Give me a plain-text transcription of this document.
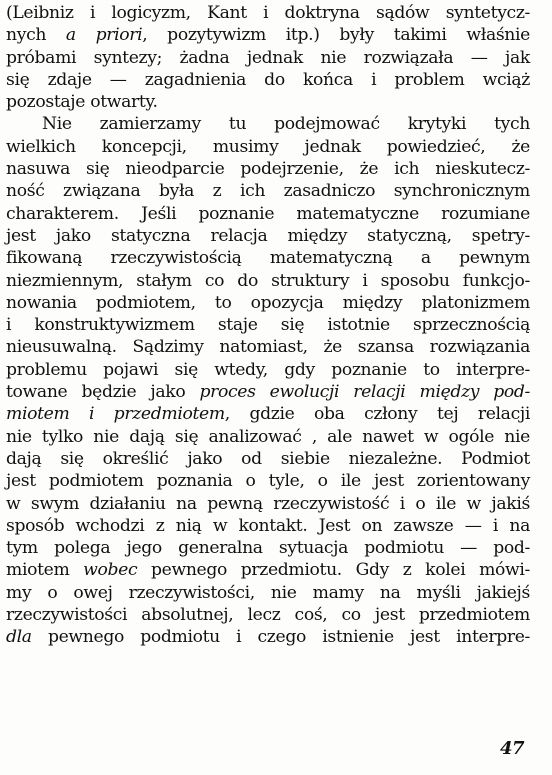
(Leibniz i logicyzm, Kant i doktryna sądów syntetycz-
nych a priori, pozytywizm itp.) były takimi właśnie
próbami syntezy; żadna jednak nie rozwiązała — jak
się zdaje — zagadnienia do końca i problem wciąż
pozostaje otwarty.
Nie zamierzamy tu podejmować krytyki tych
wielkich koncepcji, musimy jednak powiedzieć, że
nasuwa się nieodparcie podejrzenie, że ich nieskutecz-
ność związana była z ich zasadniczo synchronicznym
charakterem. Jeśli poznanie matematyczne rozumiane
jest jako statyczna relacja między statyczną, spetry-
fikowaną rzeczywistością matematyczną a pewnym
niezmiennym, stałym co do struktury i sposobu funkcjo-
nowania podmiotem, to opozycja między platonizmem
i konstruktywizmem staje się istotnie sprzecznością
nieusuwalną. Sądzimy natomiast, że szansa rozwiązania
problemu pojawi się wtedy, gdy poznanie to interpre-
towane będzie jako proces ewolucji relacji między pod-
miotem i przedmiotem, gdzie oba człony tej relacji
nie tylko nie dają się analizować , ale nawet w ogóle nie
dają się określić jako od siebie niezależne. Podmiot
jest podmiotem poznania o tyle, o ile jest zorientowany
w swym działaniu na pewną rzeczywistość i o ile w jakiś
sposób wchodzi z nią w kontakt. Jest on zawsze — i na
tym polega jego generalna sytuacja podmiotu — pod-
miotem wobec pewnego przedmiotu. Gdy z kolei mówi-
my o owej rzeczywistości, nie mamy na myśli jakiejś
rzeczywistości absolutnej, lecz coś, co jest przedmiotem
dla pewnego podmiotu i czego istnienie jest interpre-
47
